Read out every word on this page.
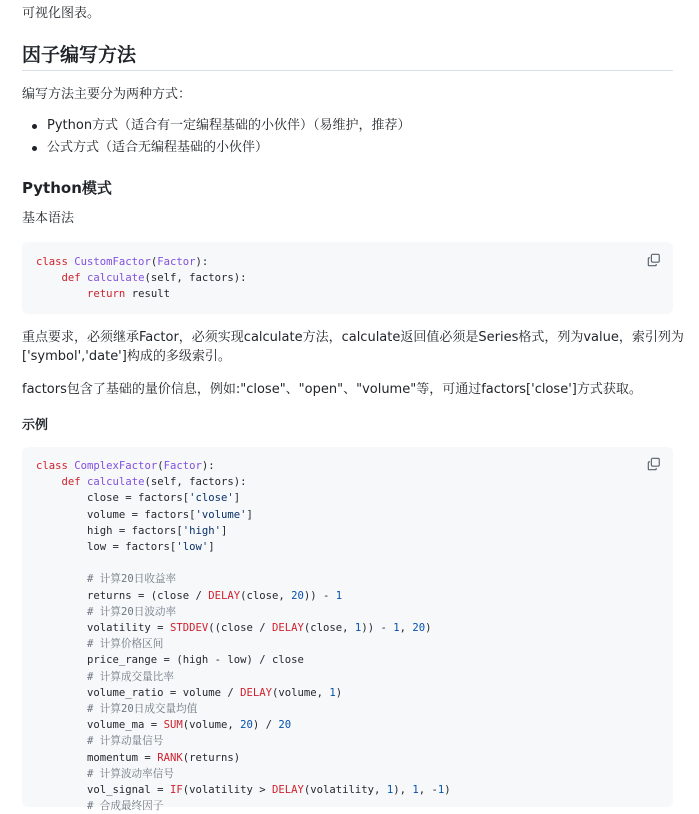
可视化图表。
因子编写方法
编写方法主要分为两种方式：
Python方式（适合有一定编程基础的小伙伴）（易维护，推荐）
公式方式（适合无编程基础的小伙伴）
Python模式
基本语法
class CustomFactor(Factor):
def calculate(self, factors):
return result
重点要求，必须继承Factor，必须实现calculate方法，calculate返回值必须是Series格式，列为value，索引列为
['symbol','date']构成的多级索引。
factors包含了基础的量价信息，例如:"close"、"open"、"volume"等，可通过factors['close']方式获取。
示例
class ComplexFactor(Factor):
def calculate(self, factors):
close = factors['close']
volume = factors['volume']
high = factors['high']
low = factors['low']

# 计算20日收益率
returns = (close / DELAY(close, 20)) - 1
# 计算20日波动率
volatility = STDDEV((close / DELAY(close, 1)) - 1, 20)
# 计算价格区间
price_range = (high - low) / close
# 计算成交量比率
volume_ratio = volume / DELAY(volume, 1)
# 计算20日成交量均值
volume_ma = SUM(volume, 20) / 20
# 计算动量信号
momentum = RANK(returns)
# 计算波动率信号
vol_signal = IF(volatility > DELAY(volatility, 1), 1, -1)
# 合成最终因子
